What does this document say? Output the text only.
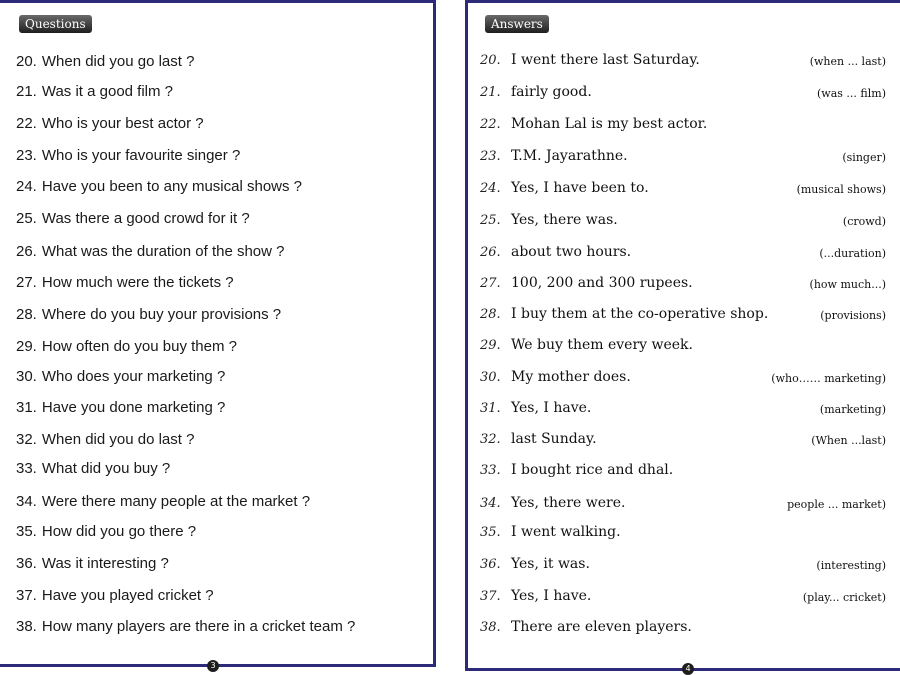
Questions
20. When did you go last ?
21. Was it a good film ?
22. Who is your best actor ?
23. Who is your favourite singer ?
24. Have you been to any musical shows ?
25. Was there a good crowd for it ?
26. What was the duration of the show ?
27. How much were the tickets ?
28. Where do you buy your provisions ?
29. How often do you buy them ?
30. Who does your marketing ?
31. Have you done marketing ?
32. When did you do last ?
33. What did you buy ?
34. Were there many people at the market ?
35. How did you go there ?
36. Was it interesting ?
37. Have you played cricket ?
38. How many players are there in a cricket team ?
3
Answers
20. I went there last Saturday.	(when ... last)
21. fairly good.	(was ... film)
22. Mohan Lal is my best actor.
23. T.M. Jayarathne.	(singer)
24. Yes, I have been to.	(musical shows)
25. Yes, there was.	(crowd)
26. about two hours.	(...duration)
27. 100, 200 and 300 rupees.	(how much...)
28. I buy them at the co-operative shop.	(provisions)
29. We buy them every week.
30. My mother does.	(who…… marketing)
31. Yes, I have.	(marketing)
32. last Sunday.	(When ...last)
33. I bought rice and dhal.
34. Yes, there were.	people ... market)
35. I went walking.
36. Yes, it was.	(interesting)
37. Yes, I have.	(play... cricket)
38. There are eleven players.
4
